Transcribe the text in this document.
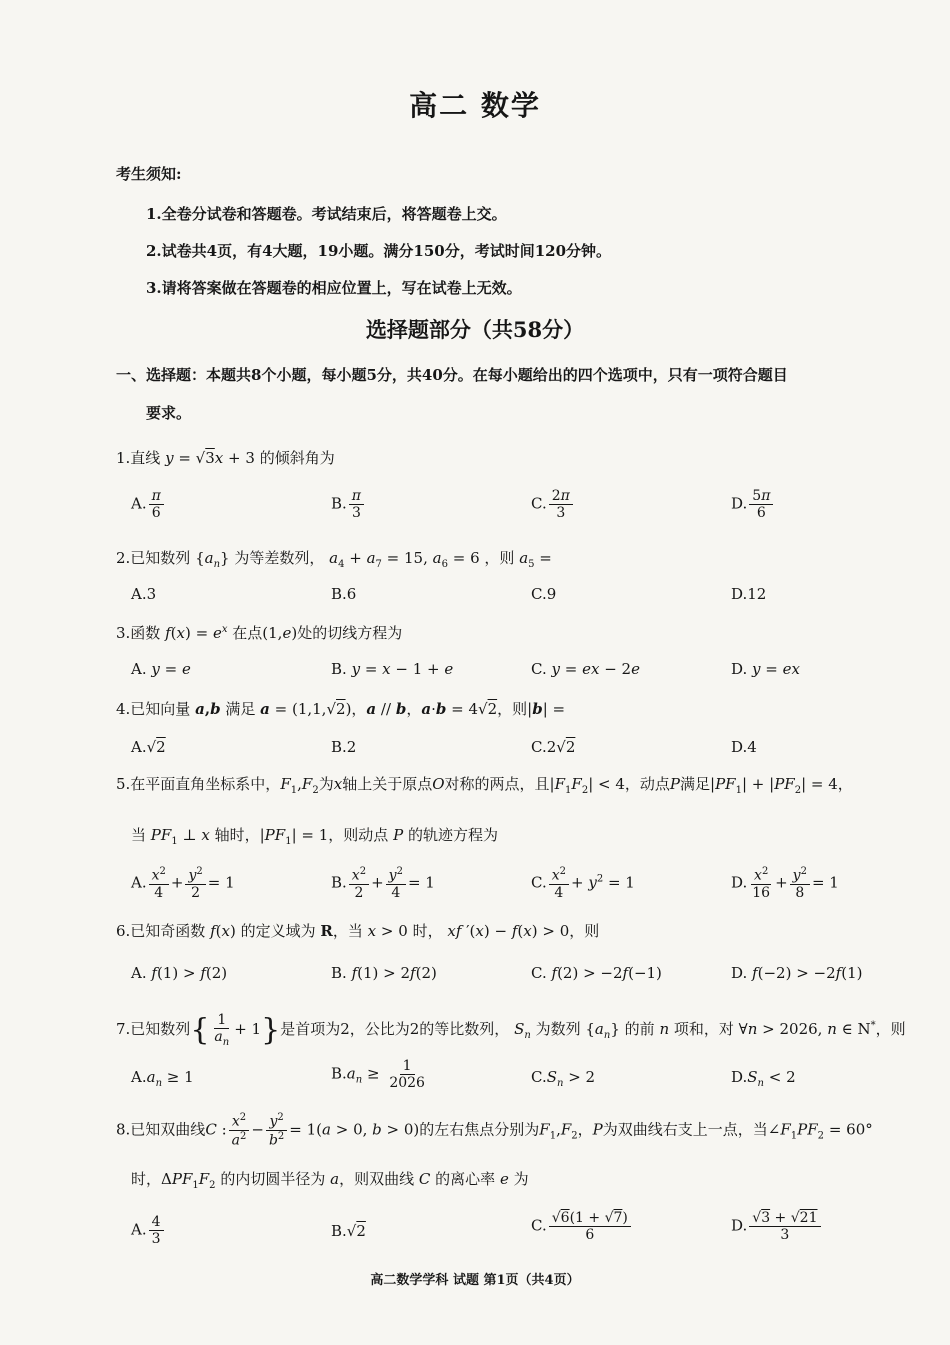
高二 数学
考生须知:
1.全卷分试卷和答题卷。考试结束后，将答题卷上交。
2.试卷共4页，有4大题，19小题。满分150分，考试时间120分钟。
3.请将答案做在答题卷的相应位置上，写在试卷上无效。
选择题部分（共58分）
一、选择题：本题共8个小题，每小题5分，共40分。在每小题给出的四个选项中，只有一项符合题目
要求。
1.直线 y = √3x + 3 的倾斜角为
A. $\frac{\pi}{6}$	B. $\frac{\pi}{3}$	C. $\frac{2\pi}{3}$	D. $\frac{5\pi}{6}$
2.已知数列 $\{a_n\}$ 为等差数列， $a_4 + a_7 = 15$, $a_6 = 6$ ，则 $a_5$ =
A.3	B.6	C.9	D.12
3.函数 $f(x) = e^x$ 在点(1,e)处的切线方程为
A. y = e	B. y = x − 1 + e	C. y = ex − 2e	D. y = ex
4.已知向量 a,b 满足 a = (1,1,√2)，a // b，a·b = 4√2，则|b| =
A.√2	B.2	C.2√2	D.4
5.在平面直角坐标系中，$F_1,F_2$为x轴上关于原点O对称的两点，且$|F_1F_2| < 4$，动点P满足$|PF_1| + |PF_2| = 4$，
当 $PF_1$ ⊥ x 轴时，$|PF_1| = 1$，则动点 P 的轨迹方程为
A. $\frac{x^2}{4} + \frac{y^2}{2} = 1$	B. $\frac{x^2}{2} + \frac{y^2}{4} = 1$	C. $\frac{x^2}{4} + y^2 = 1$	D. $\frac{x^2}{16} + \frac{y^2}{8} = 1$
6.已知奇函数 f(x) 的定义域为 R，当 x > 0 时， xf ′(x) − f(x) > 0，则
A. f(1) > f(2)	B. f(1) > 2f(2)	C. f(2) > −2f(−1)	D. f(−2) > −2f(1)
7.已知数列{ $\frac{1}{a_n} + 1$}是首项为2，公比为2的等比数列， $S_n$ 为数列 $\{a_n\}$ 的前 n 项和，对 ∀n > 2026, n ∈ N*，则
$A.a_n \ge 1$	$B.a_n \ge \frac{1}{2026}$	$C.S_n > 2$	$D.S_n < 2$
8.已知双曲线C : $\frac{x^2}{a^2} - \frac{y^2}{b^2} = 1(a > 0$, b > 0)的左右焦点分别为$F_1,F_2$，P为双曲线右支上一点，当$\angle F_1PF_2 = 60^\circ$
时，$\Delta PF_1F_2$ 的内切圆半径为 a，则双曲线 C 的离心率 e 为
A. $\frac{4}{3}$	B.√2	C. $\frac{√6(1 + √7)}{6}$	D. $\frac{√3 + √21}{3}$
高二数学学科 试题 第1页（共4页）
